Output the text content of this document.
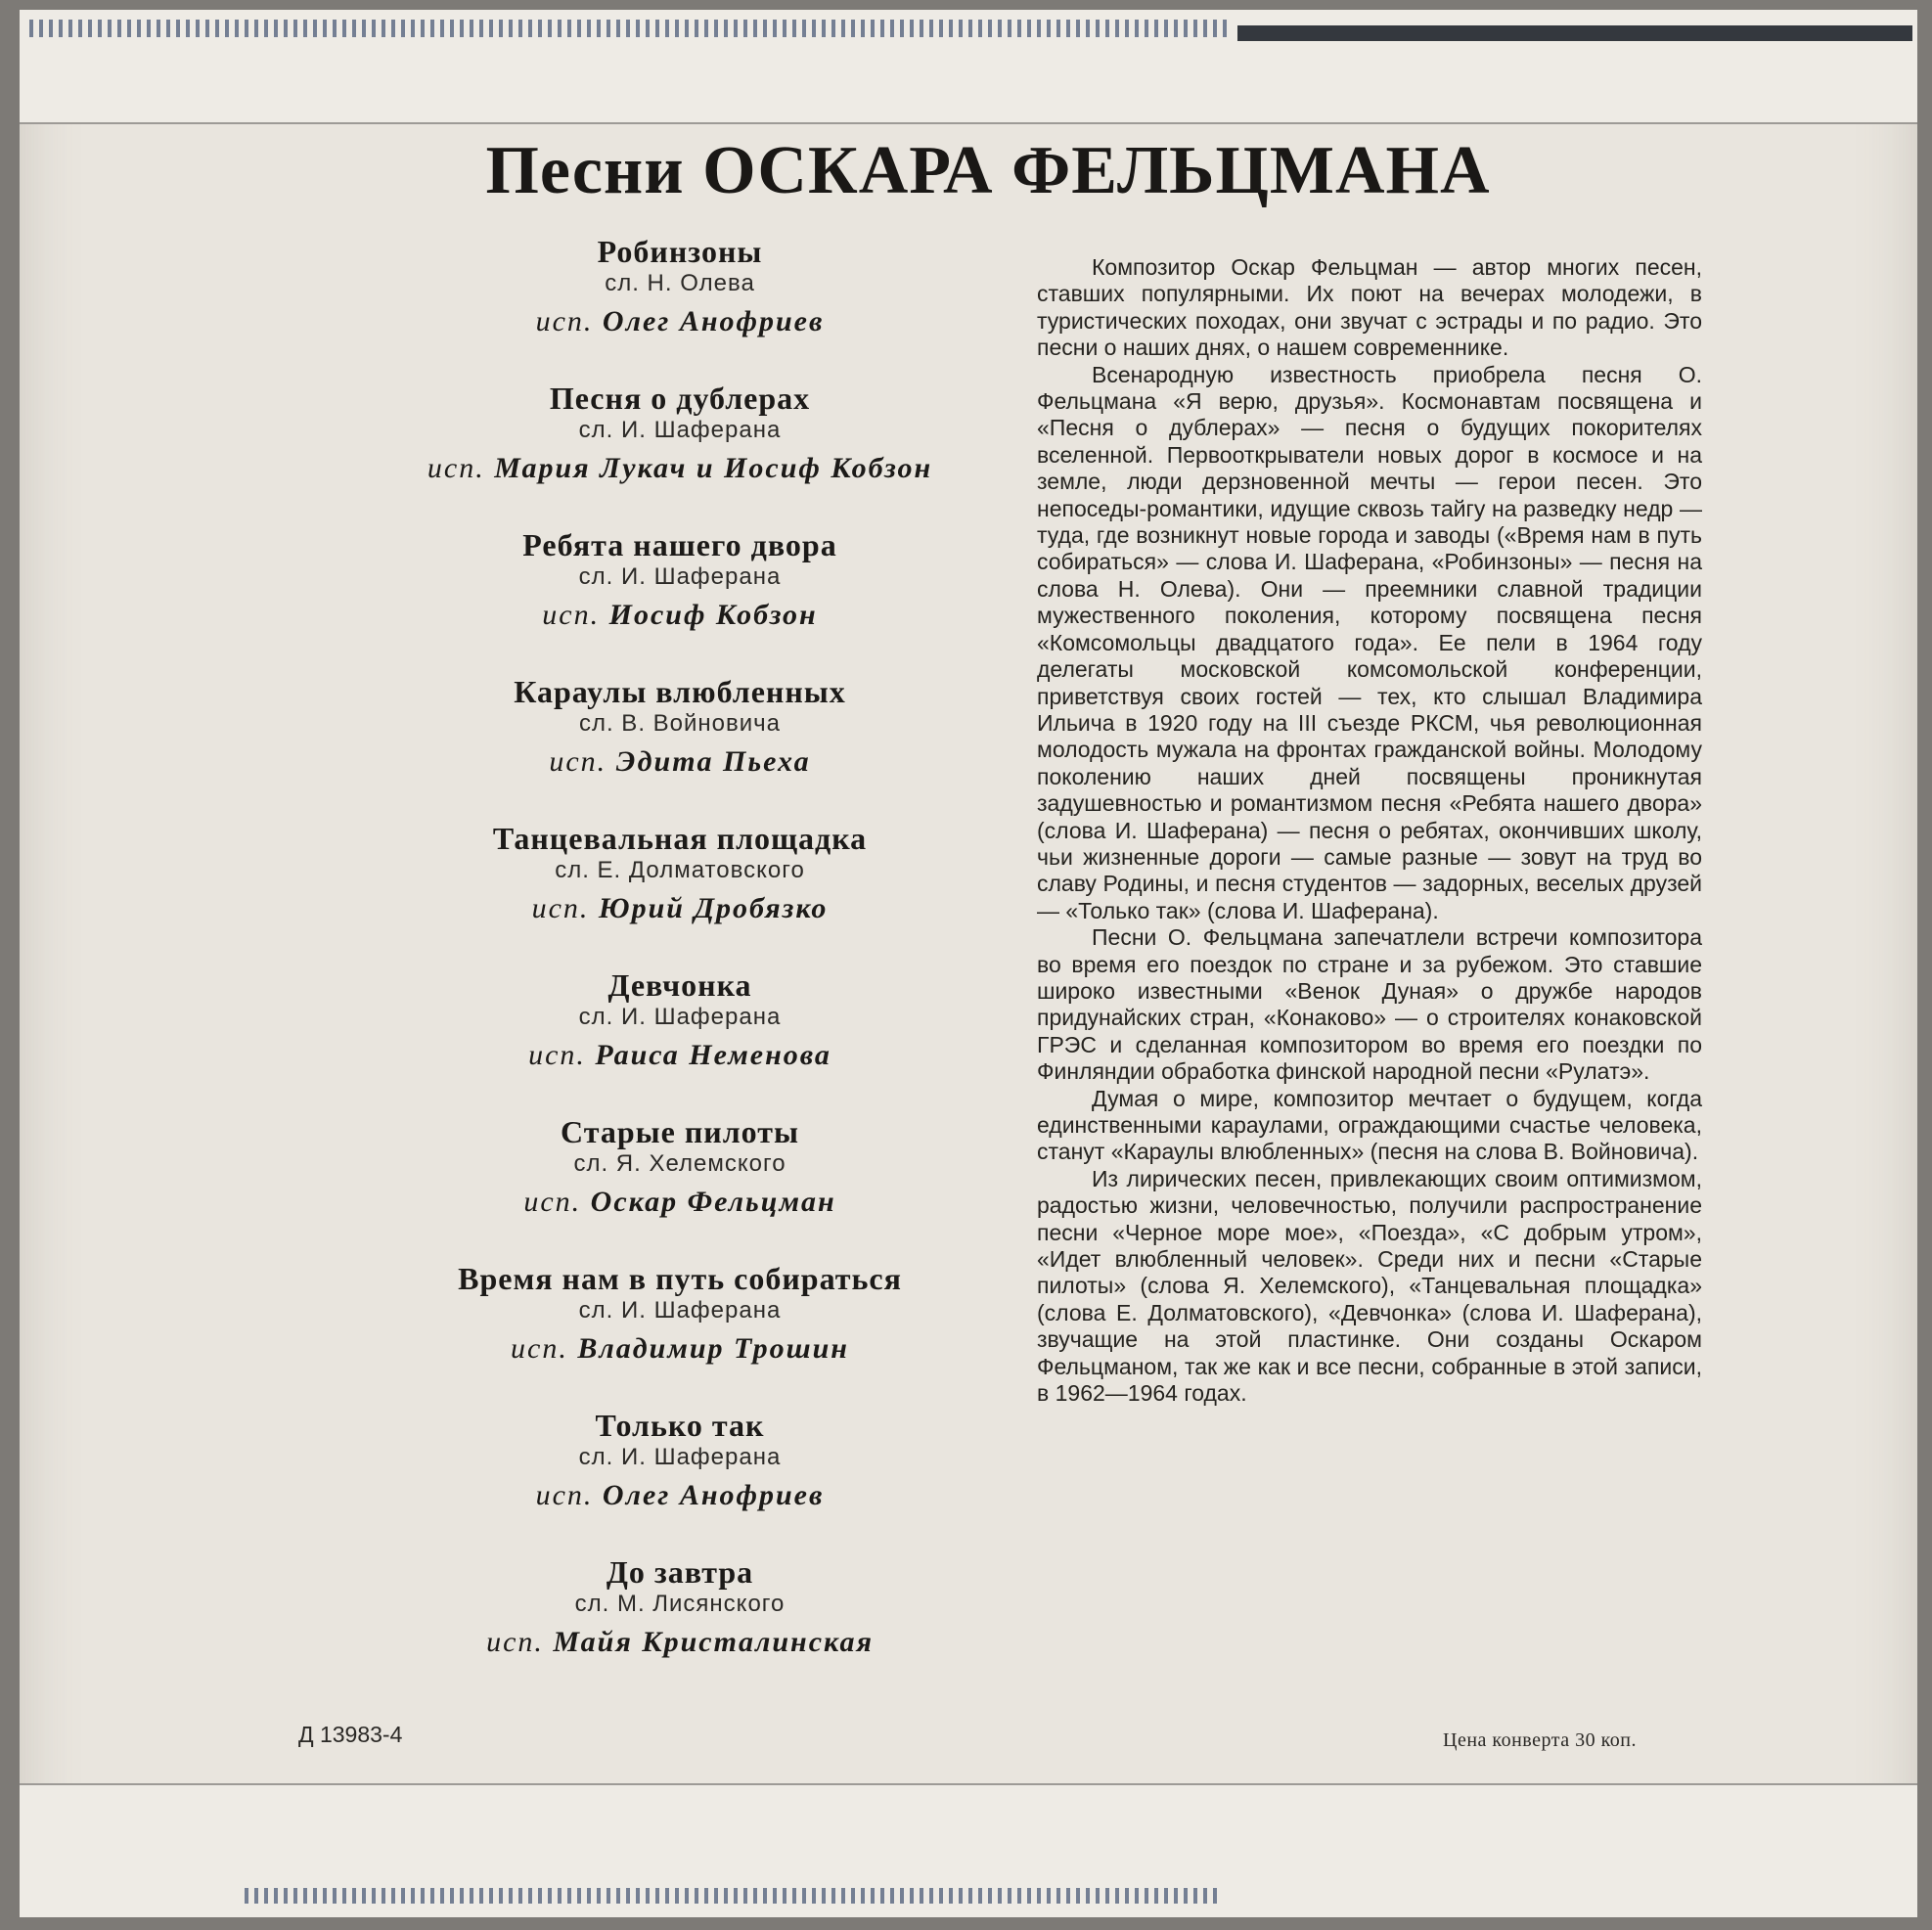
Песни ОСКАРА ФЕЛЬЦМАНА
Робинзоны
сл. Н. Олева
исп. Олег Анофриев
Песня о дублерах
сл. И. Шаферана
исп. Мария Лукач и Иосиф Кобзон
Ребята нашего двора
сл. И. Шаферана
исп. Иосиф Кобзон
Караулы влюбленных
сл. В. Войновича
исп. Эдита Пьеха
Танцевальная площадка
сл. Е. Долматовского
исп. Юрий Дробязко
Девчонка
сл. И. Шаферана
исп. Раиса Неменова
Старые пилоты
сл. Я. Хелемского
исп. Оскар Фельцман
Время нам в путь собираться
сл. И. Шаферана
исп. Владимир Трошин
Только так
сл. И. Шаферана
исп. Олег Анофриев
До завтра
сл. М. Лисянского
исп. Майя Кристалинская

Композитор Оскар Фельцман — автор многих песен, ставших популярными. Их поют на вечерах молодежи, в туристических походах, они звучат с эстрады и по радио. Это песни о наших днях, о нашем современнике.

Всенародную известность приобрела песня О. Фельцмана «Я верю, друзья». Космонавтам посвящена и «Песня о дублерах» — песня о будущих покорителях вселенной. Первооткрыватели новых дорог в космосе и на земле, люди дерзновенной мечты — герои песен. Это непоседы-романтики, идущие сквозь тайгу на разведку недр — туда, где возникнут новые города и заводы («Время нам в путь собираться» — слова И. Шаферана, «Робинзоны» — песня на слова Н. Олева). Они — преемники славной традиции мужественного поколения, которому посвящена песня «Комсомольцы двадцатого года». Ее пели в 1964 году делегаты московской комсомольской конференции, приветствуя своих гостей — тех, кто слышал Владимира Ильича в 1920 году на III съезде РКСМ, чья революционная молодость мужала на фронтах гражданской войны. Молодому поколению наших дней посвящены проникнутая задушевностью и романтизмом песня «Ребята нашего двора» (слова И. Шаферана) — песня о ребятах, окончивших школу, чьи жизненные дороги — самые разные — зовут на труд во славу Родины, и песня студентов — задорных, веселых друзей — «Только так» (слова И. Шаферана).

Песни О. Фельцмана запечатлели встречи композитора во время его поездок по стране и за рубежом. Это ставшие широко известными «Венок Дуная» о дружбе народов придунайских стран, «Конаково» — о строителях конаковской ГРЭС и сделанная композитором во время его поездки по Финляндии обработка финской народной песни «Рулатэ».

Думая о мире, композитор мечтает о будущем, когда единственными караулами, ограждающими счастье человека, станут «Караулы влюбленных» (песня на слова В. Войновича).

Из лирических песен, привлекающих своим оптимизмом, радостью жизни, человечностью, получили распространение песни «Черное море мое», «Поезда», «С добрым утром», «Идет влюбленный человек». Среди них и песни «Старые пилоты» (слова Я. Хелемского), «Танцевальная площадка» (слова Е. Долматовского), «Девчонка» (слова И. Шаферана), звучащие на этой пластинке. Они созданы Оскаром Фельцманом, так же как и все песни, собранные в этой записи, в 1962—1964 годах.

Д 13983-4	Цена конверта 30 коп.
